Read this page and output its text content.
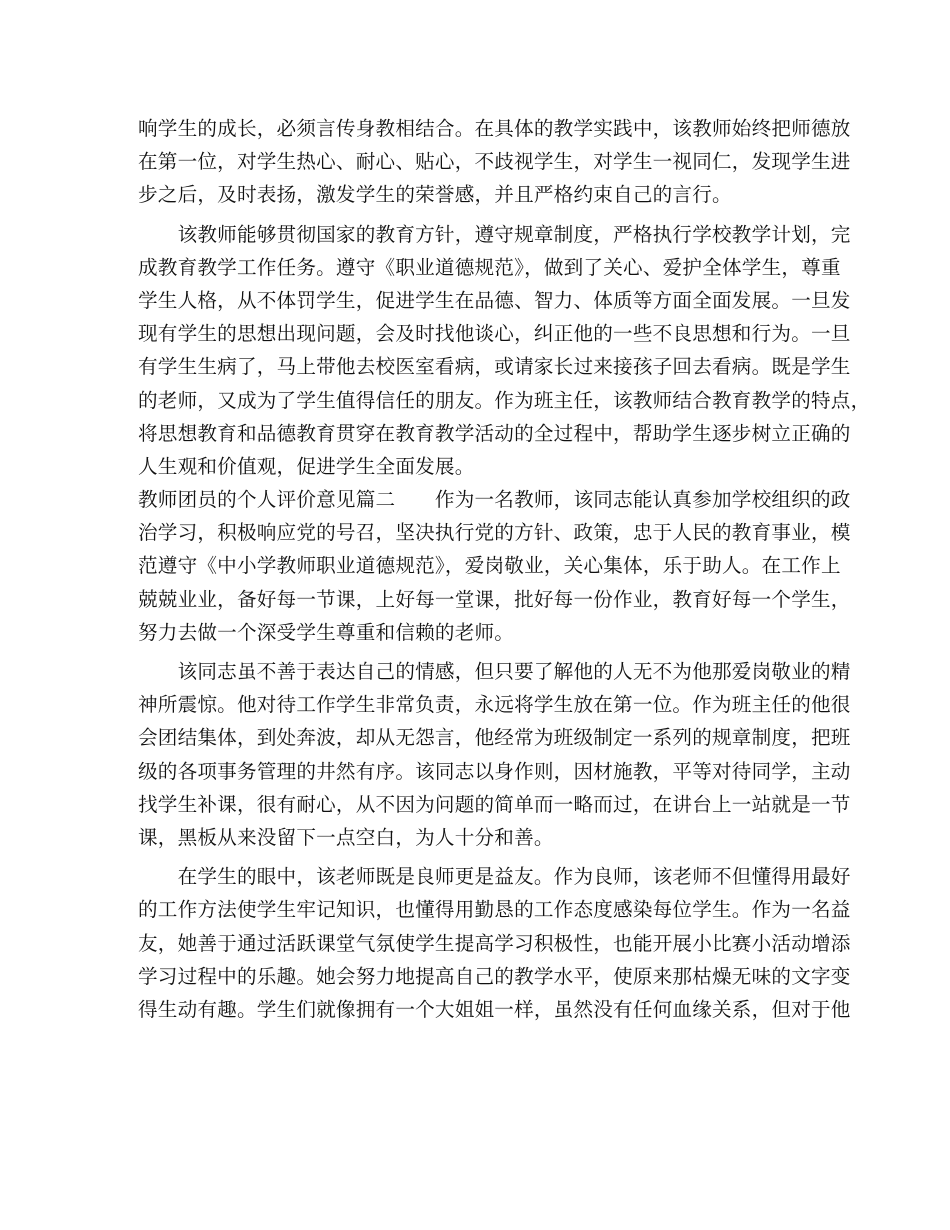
响学生的成长，必须言传身教相结合。在具体的教学实践中，该教师始终把师德放
在第一位，对学生热心、耐心、贴心，不歧视学生，对学生一视同仁，发现学生进
步之后，及时表扬，激发学生的荣誉感，并且严格约束自己的言行。
　　该教师能够贯彻国家的教育方针，遵守规章制度，严格执行学校教学计划，完
成教育教学工作任务。遵守《职业道德规范》，做到了关心、爱护全体学生，尊重
学生人格，从不体罚学生，促进学生在品德、智力、体质等方面全面发展。一旦发
现有学生的思想出现问题，会及时找他谈心，纠正他的一些不良思想和行为。一旦
有学生生病了，马上带他去校医室看病，或请家长过来接孩子回去看病。既是学生
的老师，又成为了学生值得信任的朋友。作为班主任，该教师结合教育教学的特点，
将思想教育和品德教育贯穿在教育教学活动的全过程中，帮助学生逐步树立正确的
人生观和价值观，促进学生全面发展。
教师团员的个人评价意见篇二　　作为一名教师，该同志能认真参加学校组织的政
治学习，积极响应党的号召，坚决执行党的方针、政策，忠于人民的教育事业，模
范遵守《中小学教师职业道德规范》，爱岗敬业，关心集体，乐于助人。在工作上
兢兢业业，备好每一节课，上好每一堂课，批好每一份作业，教育好每一个学生，
努力去做一个深受学生尊重和信赖的老师。
　　该同志虽不善于表达自己的情感，但只要了解他的人无不为他那爱岗敬业的精
神所震惊。他对待工作学生非常负责，永远将学生放在第一位。作为班主任的他很
会团结集体，到处奔波，却从无怨言，他经常为班级制定一系列的规章制度，把班
级的各项事务管理的井然有序。该同志以身作则，因材施教，平等对待同学，主动
找学生补课，很有耐心，从不因为问题的简单而一略而过，在讲台上一站就是一节
课，黑板从来没留下一点空白，为人十分和善。
　　在学生的眼中，该老师既是良师更是益友。作为良师，该老师不但懂得用最好
的工作方法使学生牢记知识，也懂得用勤恳的工作态度感染每位学生。作为一名益
友，她善于通过活跃课堂气氛使学生提高学习积极性，也能开展小比赛小活动增添
学习过程中的乐趣。她会努力地提高自己的教学水平，使原来那枯燥无味的文字变
得生动有趣。学生们就像拥有一个大姐姐一样，虽然没有任何血缘关系，但对于他
